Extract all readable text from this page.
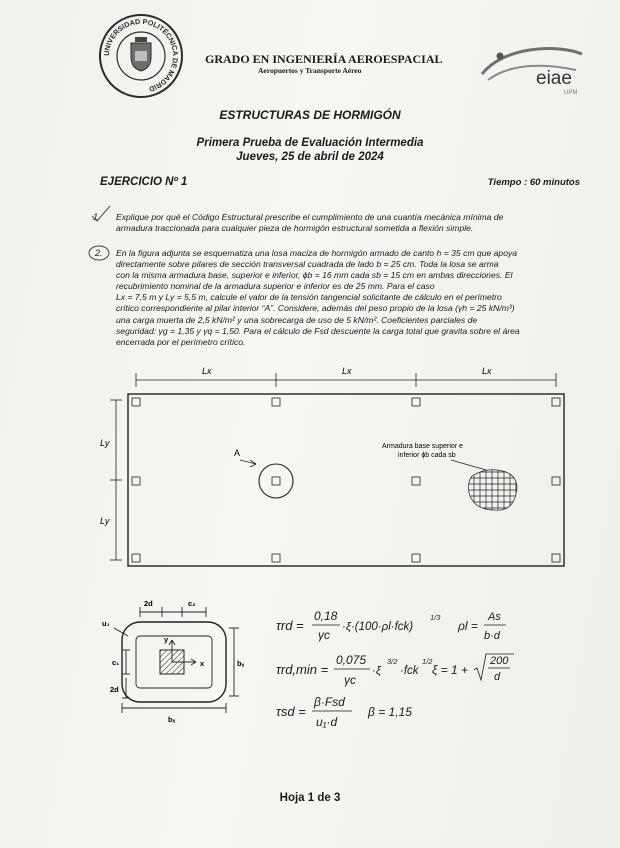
UNIVERSIDAD POLITÉCNICA DE MADRID
GRADO EN INGENIERÍA AEROESPACIAL
Aeropuertos y Transporte Aéreo	eiae
UPM
ESTRUCTURAS DE HORMIGÓN
Primera Prueba de Evaluación Intermedia
Jueves, 25 de abril de 2024
EJERCICIO Nº 1	Tiempo : 60 minutos
1. Explique por qué el Código Estructural prescribe el cumplimiento de una cuantía mecánica mínima de
armadura traccionada para cualquier pieza de hormigón estructural sometida a flexión simple.
2. En la figura adjunta se esquematiza una losa maciza de hormigón armado de canto h = 35 cm que apoya
directamente sobre pilares de sección transversal cuadrada de lado b = 25 cm. Toda la losa se arma
con la misma armadura base, superior e inferior, ϕb = 16 mm cada sb = 15 cm en ambas direcciones. El
recubrimiento nominal de la armadura superior e inferior es de 25 mm. Para el caso
Lx = 7,5 m y Ly = 5,5 m, calcule el valor de la tensión tangencial solicitante de cálculo en el perímetro
crítico correspondiente al pilar interior “A”. Considere, además del peso propio de la losa (γh = 25 kN/m³)
una carga muerta de 2,5 kN/m² y una sobrecarga de uso de 5 kN/m². Coeficientes parciales de
seguridad: γg = 1,35 y γq = 1,50. Para el cálculo de Fsd descuente la carga total que gravita sobre el área
encerrada por el perímetro crítico.
Lx	Lx	Lx
Ly
Ly
A
Armadura base superior e
inferior ϕb cada sb
2d	c₂
u₁
y
x
c₁
2d
bᵧ
bₓ
τrd =
0,18
γc
·ξ·(100·ρl·fck)
1/3
ρl =
As
b·d
τrd,min =
0,075
γc
·ξ
3/2
·fck
1/2
ξ = 1 +
200
d
τsd =
β·Fsd
u₁·d
β = 1,15
Hoja 1 de 3
